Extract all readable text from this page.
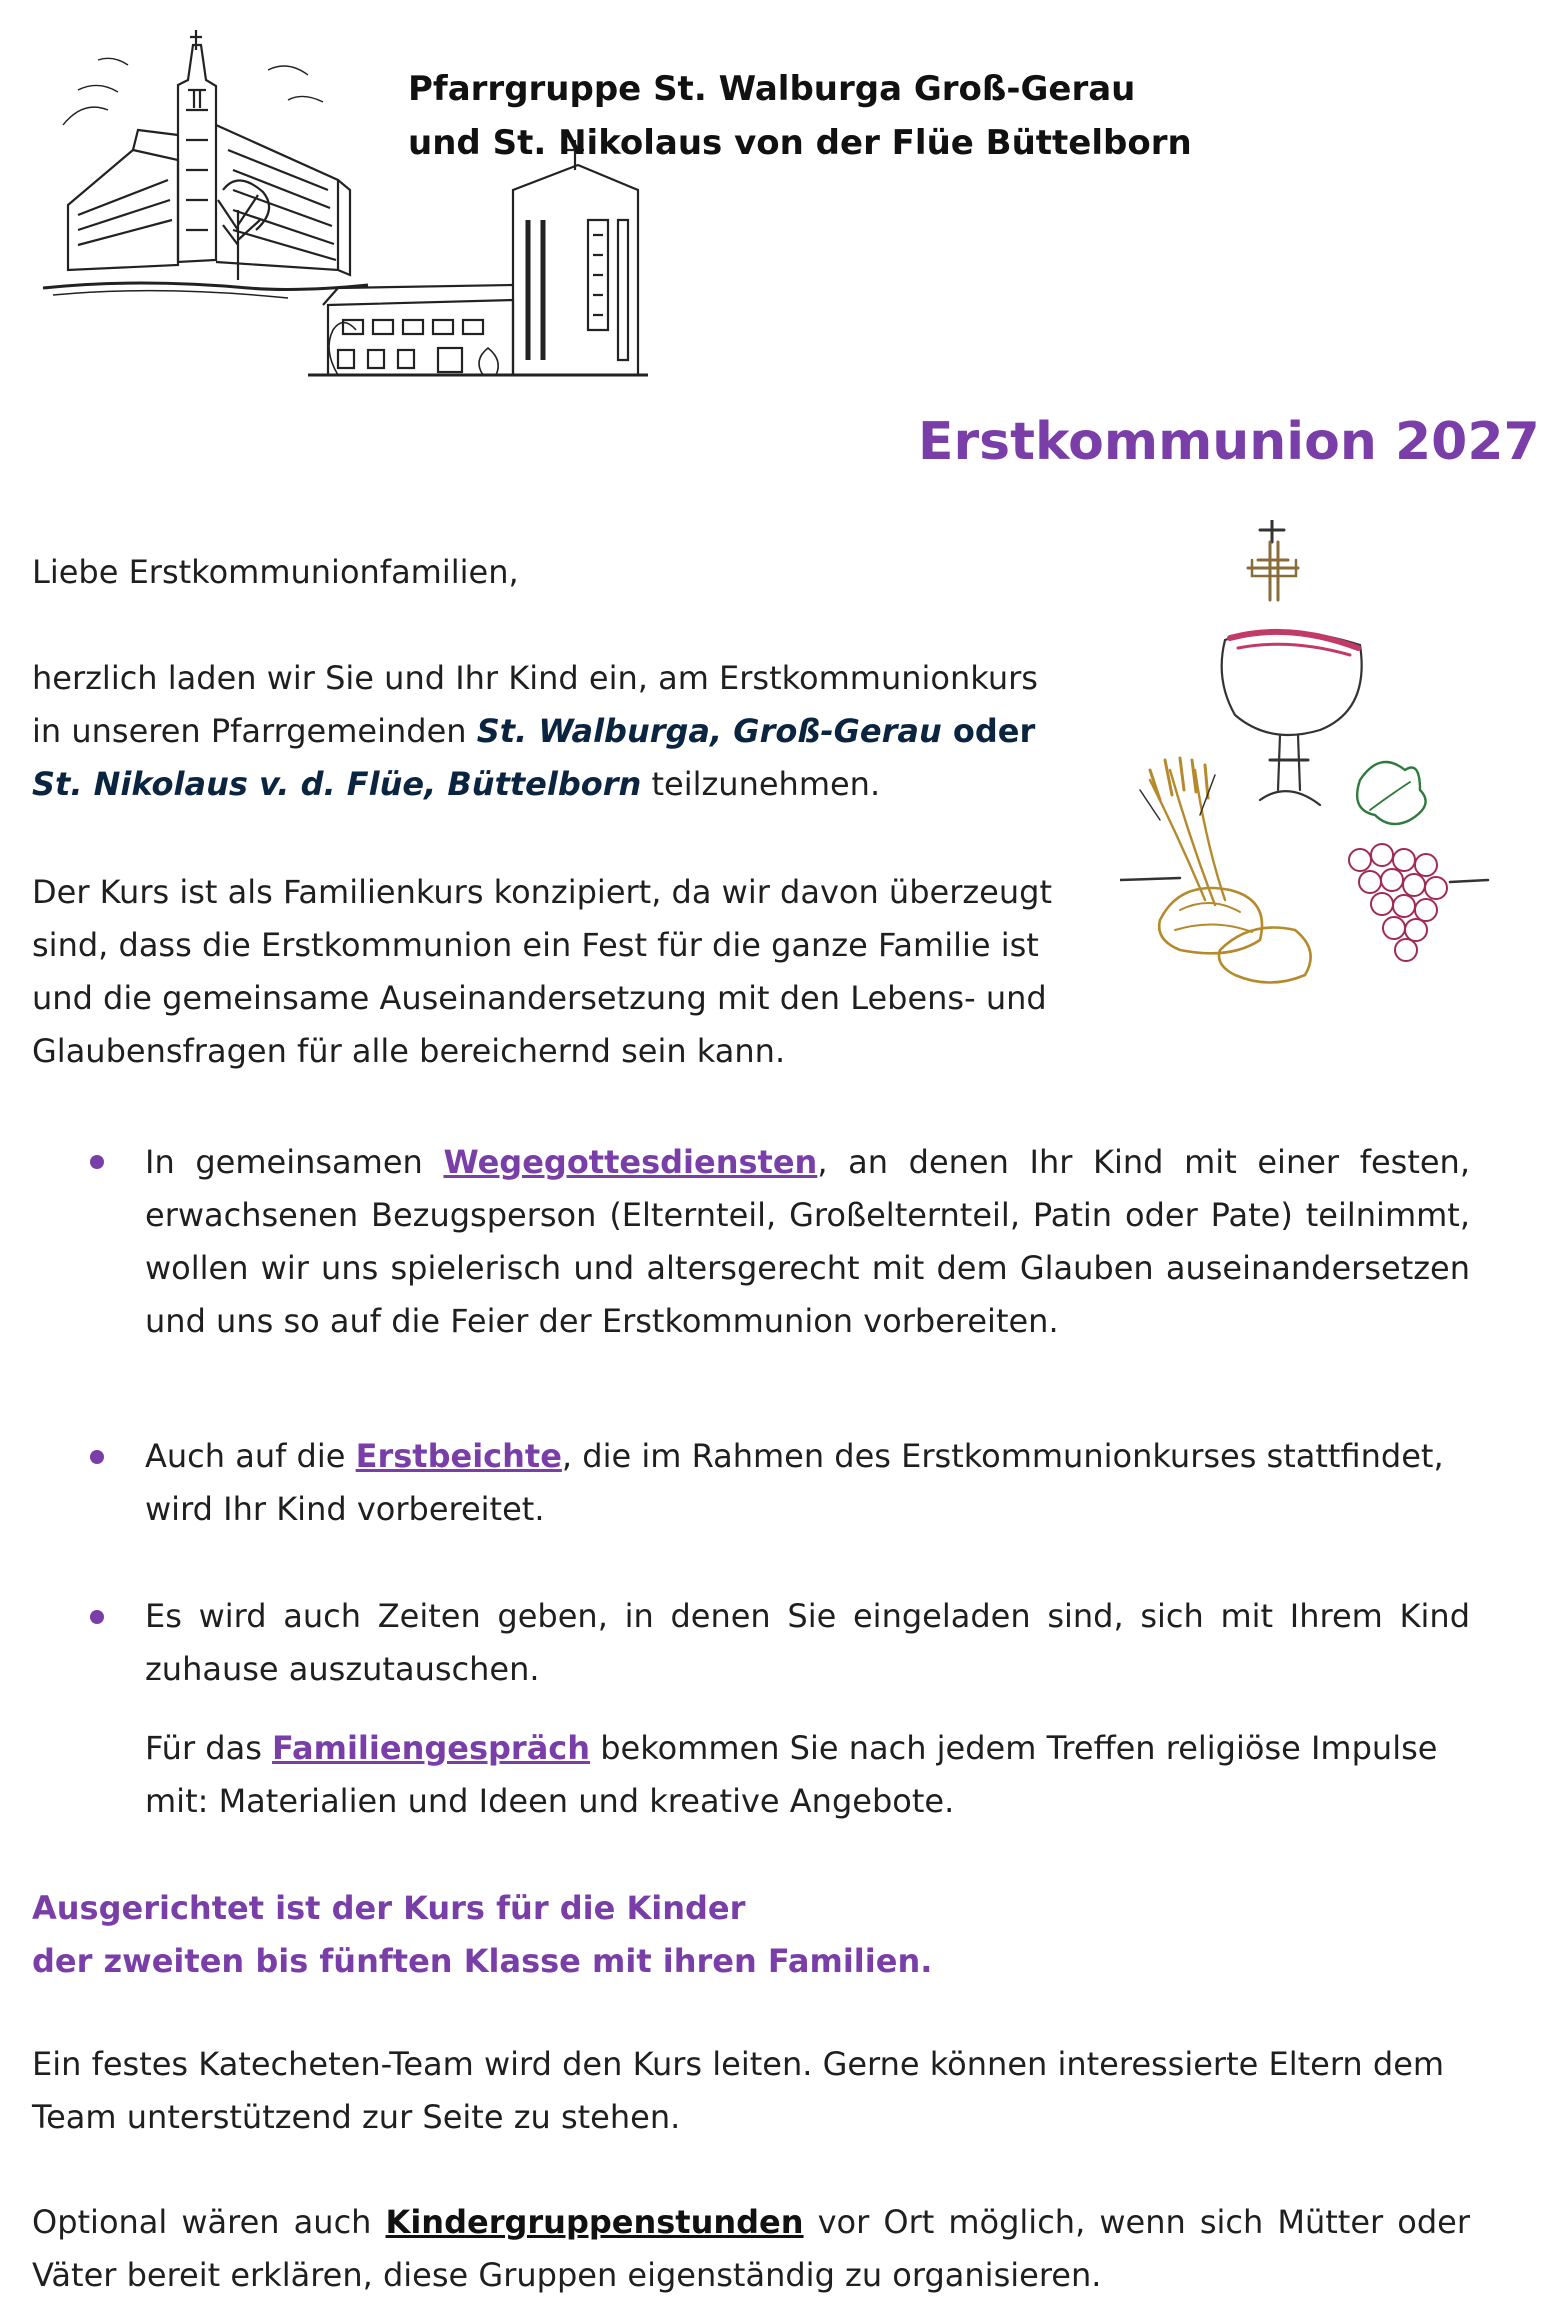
Pfarrgruppe St. Walburga Groß-Gerau
und St. Nikolaus von der Flüe Büttelborn
Erstkommunion 2027
Liebe Erstkommunionfamilien,
herzlich laden wir Sie und Ihr Kind ein, am Erstkommunionkurs in unseren Pfarrgemeinden St. Walburga, Groß-Gerau oder St. Nikolaus v. d. Flüe, Büttelborn teilzunehmen.
Der Kurs ist als Familienkurs konzipiert, da wir davon überzeugt sind, dass die Erstkommunion ein Fest für die ganze Familie ist und die gemeinsame Auseinandersetzung mit den Lebens- und Glaubensfragen für alle bereichernd sein kann.
In gemeinsamen Wegegottesdiensten, an denen Ihr Kind mit einer festen, erwachsenen Bezugsperson (Elternteil, Großelternteil, Patin oder Pate) teilnimmt, wollen wir uns spielerisch und altersgerecht mit dem Glauben auseinandersetzen und uns so auf die Feier der Erstkommunion vorbereiten.
Auch auf die Erstbeichte, die im Rahmen des Erstkommunionkurses stattfindet, wird Ihr Kind vorbereitet.
Es wird auch Zeiten geben, in denen Sie eingeladen sind, sich mit Ihrem Kind zuhause auszutauschen.
Für das Familiengespräch bekommen Sie nach jedem Treffen religiöse Impulse mit: Materialien und Ideen und kreative Angebote.
Ausgerichtet ist der Kurs für die Kinder
der zweiten bis fünften Klasse mit ihren Familien.
Ein festes Katecheten-Team wird den Kurs leiten. Gerne können interessierte Eltern dem Team unterstützend zur Seite zu stehen.
Optional wären auch Kindergruppenstunden vor Ort möglich, wenn sich Mütter oder Väter bereit erklären, diese Gruppen eigenständig zu organisieren.
